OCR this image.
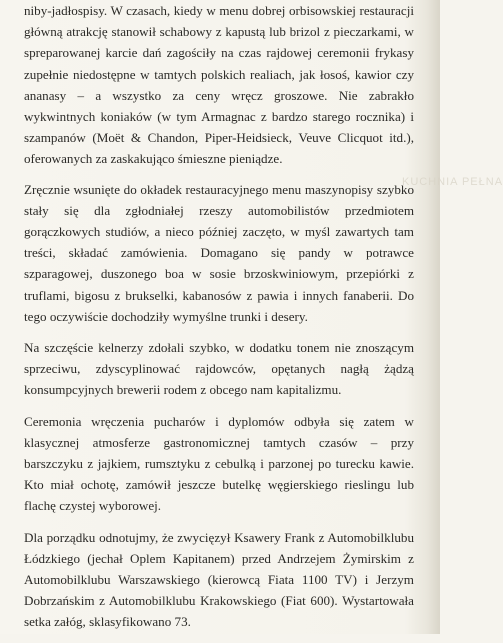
KUCHNIA PEŁNA

niby-jadłospisy. W czasach, kiedy w menu dobrej orbisowskiej restauracji główną atrakcję stanowił schabowy z kapustą lub brizol z pieczarkami, w spreparowanej karcie dań zagościły na czas rajdowej ceremonii frykasy zupełnie niedostępne w tamtych polskich realiach, jak łosoś, kawior czy ananasy – a wszystko za ceny wręcz groszowe. Nie zabrakło wykwintnych koniaków (w tym Armagnac z bardzo starego rocznika) i szampanów (Moët & Chandon, Piper-Heidsieck, Veuve Clicquot itd.), oferowanych za zaskakująco śmieszne pieniądze.

Zręcznie wsunięte do okładek restauracyjnego menu maszynopisy szybko stały się dla zgłodniałej rzeszy automobilistów przedmiotem gorączkowych studiów, a nieco później zaczęto, w myśl zawartych tam treści, składać zamówienia. Domagano się pandy w potrawce szparagowej, duszonego boa w sosie brzoskwiniowym, przepiórki z truflami, bigosu z brukselki, kabanosów z pawia i innych fanaberii. Do tego oczywiście dochodziły wymyślne trunki i desery.

Na szczęście kelnerzy zdołali szybko, w dodatku tonem nie znoszącym sprzeciwu, zdyscyplinować rajdowców, opętanych nagłą żądzą konsumpcyjnych brewerii rodem z obcego nam kapitalizmu.

Ceremonia wręczenia pucharów i dyplomów odbyła się zatem w klasycznej atmosferze gastronomicznej tamtych czasów – przy barszczyku z jajkiem, rumsztyku z cebulką i parzonej po turecku kawie. Kto miał ochotę, zamówił jeszcze butelkę węgierskiego rieslingu lub flachę czystej wyborowej.

Dla porządku odnotujmy, że zwycięzył Ksawery Frank z Automobilklubu Łódzkiego (jechał Oplem Kapitanem) przed Andrzejem Żymirskim z Automobilklubu Warszawskiego (kierowcą Fiata 1100 TV) i Jerzym Dobrzańskim z Automobilklubu Krakowskiego (Fiat 600). Wystartowała setka załóg, sklasyfikowano 73.
